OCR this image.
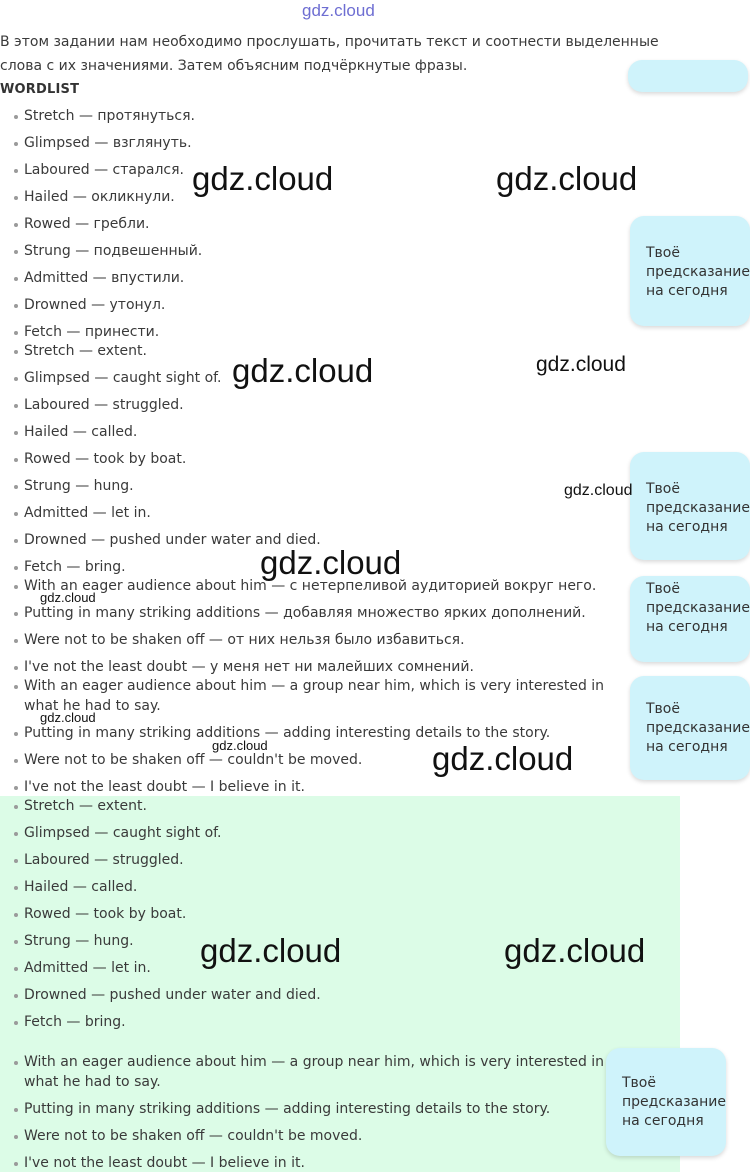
gdz.cloud
В этом задании нам необходимо прослушать, прочитать текст и соотнести выделенные слова с их значениями. Затем объясним подчёркнутые фразы.
WORDLIST
Stretch — протянуться.
Glimpsed — взглянуть.
Laboured — старался.
Hailed — окликнули.
Rowed — гребли.
Strung — подвешенный.
Admitted — впустили.
Drowned — утонул.
Fetch — принести.
Stretch — extent.
Glimpsed — caught sight of.
Laboured — struggled.
Hailed — called.
Rowed — took by boat.
Strung — hung.
Admitted — let in.
Drowned — pushed under water and died.
Fetch — bring.
With an eager audience about him — с нетерпеливой аудиторией вокруг него.
Putting in many striking additions — добавляя множество ярких дополнений.
Were not to be shaken off — от них нельзя было избавиться.
I've not the least doubt — у меня нет ни малейших сомнений.
With an eager audience about him — a group near him, which is very interested in what he had to say.
Putting in many striking additions — adding interesting details to the story.
Were not to be shaken off — couldn't be moved.
I've not the least doubt — I believe in it.
Stretch — extent.
Glimpsed — caught sight of.
Laboured — struggled.
Hailed — called.
Rowed — took by boat.
Strung — hung.
Admitted — let in.
Drowned — pushed under water and died.
Fetch — bring.
With an eager audience about him — a group near him, which is very interested in what he had to say.
Putting in many striking additions — adding interesting details to the story.
Were not to be shaken off — couldn't be moved.
I've not the least doubt — I believe in it.
Твоё предсказание на сегодня
Твоё предсказание на сегодня
Твоё предсказание на сегодня
Твоё предсказание на сегодня
Твоё предсказание на сегодня
gdz.cloud	gdz.cloud
gdz.cloud	gdz.cloud
gdz.cloud
gdz.cloud
gdz.cloud
gdz.cloud
gdz.cloud	gdz.cloud
gdz.cloud	gdz.cloud
